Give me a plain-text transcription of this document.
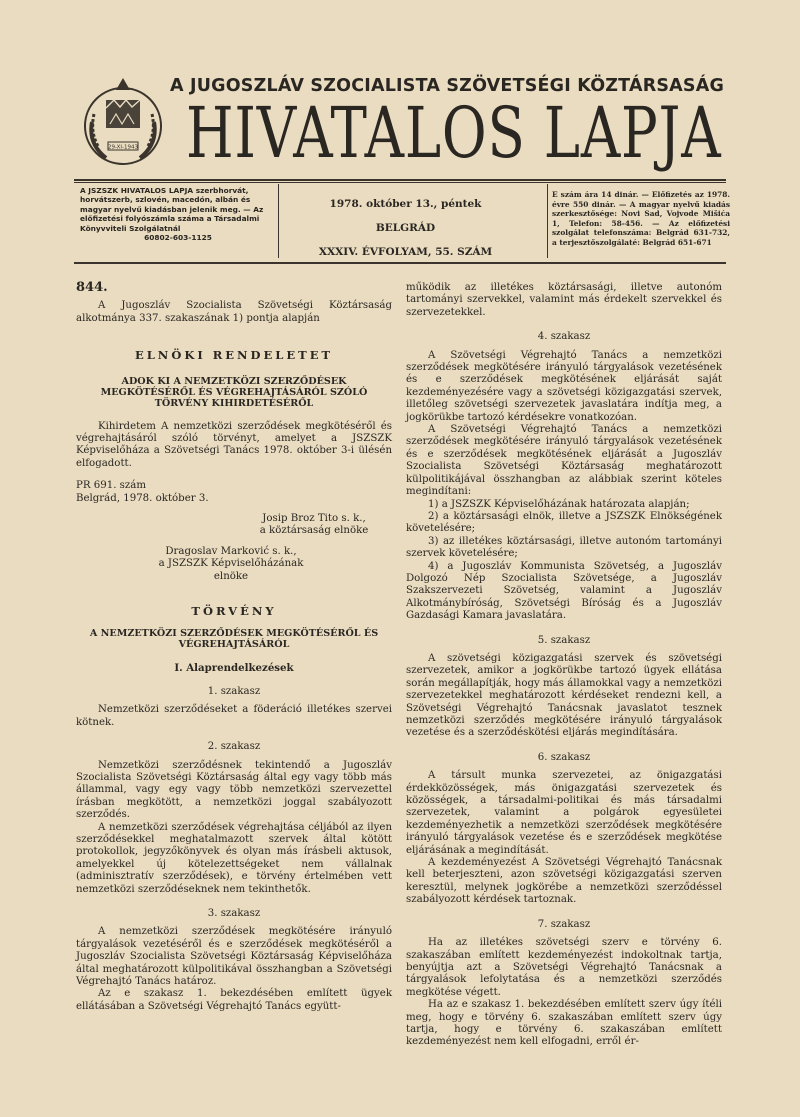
29-XI-1943
A JUGOSZLÁV SZOCIALISTA SZÖVETSÉGI KÖZTÁRSASÁG
HIVATALOS LAPJA

A JSZSZK HIVATALOS LAPJA szerbhorvát, horvátszerb, szlovén, macedón, albán és magyar nyelvű kiadásban jelenik meg. — Az előfizetési folyószámla száma a Társadalmi Könyvviteli Szolgálatnál

60802-603-1125

1978. október 13., péntek
BELGRÁD
XXXIV. ÉVFOLYAM, 55. SZÁM
E szám ára 14 dinár. — Előfizetés az 1978. évre 550 dinár. — A magyar nyelvű kiadás szerkesztősége: Novi Sad, Vojvode Mišića 1, Telefon: 58-456. — Az előfizetési szolgálat telefonszáma: Belgrád 631-732, a terjesztőszolgálaté: Belgrád 651-671

844.

A Jugoszláv Szocialista Szövetségi Köztársaság alkotmánya 337. szakaszának 1) pontja alapján

ELNÖKI RENDELETET

ADOK KI A NEMZETKÖZI SZERZŐDÉSEK MEGKÖTÉSÉRŐL ÉS VÉGREHAJTÁSÁRÓL SZÓLÓ TÖRVÉNY KIHIRDETÉSÉRŐL

Kihirdetem A nemzetközi szerződések megkötéséről és végrehajtásáról szóló törvényt, amelyet a JSZSZK Képviselőháza a Szövetségi Tanács 1978. október 3-i ülésén elfogadott.

PR 691. szám

Belgrád, 1978. október 3.

Josip Broz Tito s. k.,

a köztársaság elnöke

Dragoslav Marković s. k.,

a JSZSZK Képviselőházának elnöke

TÖRVÉNY

A NEMZETKÖZI SZERZŐDÉSEK MEGKÖTÉSÉRŐL ÉS VÉGREHAJTÁSÁRÓL

I. Alaprendelkezések

1. szakasz

Nemzetközi szerződéseket a föderáció illetékes szervei kötnek.

2. szakasz

Nemzetközi szerződésnek tekintendő a Jugoszláv Szocialista Szövetségi Köztársaság által egy vagy több más állammal, vagy egy vagy több nemzetközi szervezettel írásban megkötött, a nemzetközi joggal szabályozott szerződés.

A nemzetközi szerződések végrehajtása céljából az ilyen szerződésekkel meghatalmazott szervek által kötött protokollok, jegyzőkönyvek és olyan más írásbeli aktusok, amelyekkel új kötelezettségeket nem vállalnak (adminisztratív szerződések), e törvény értelmében vett nemzetközi szerződéseknek nem tekinthetők.

3. szakasz

A nemzetközi szerződések megkötésére irányuló tárgyalások vezetéséről és e szerződések megkötéséről a Jugoszláv Szocialista Szövetségi Köztársaság Képviselőháza által meghatározott külpolitikával összhangban a Szövetségi Végrehajtó Tanács határoz.

Az e szakasz 1. bekezdésében említett ügyek ellátásában a Szövetségi Végrehajtó Tanács együtt-

működik az illetékes köztársasági, illetve autonóm tartományi szervekkel, valamint más érdekelt szervekkel és szervezetekkel.

4. szakasz

A Szövetségi Végrehajtó Tanács a nemzetközi szerződések megkötésére irányuló tárgyalások vezetésének és e szerződések megkötésének eljárását saját kezdeményezésére vagy a szövetségi közigazgatási szervek, illetőleg szövetségi szervezetek javaslatára indítja meg, a jogkörükbe tartozó kérdésekre vonatkozóan.

A Szövetségi Végrehajtó Tanács a nemzetközi szerződések megkötésére irányuló tárgyalások vezetésének és e szerződések megkötésének eljárását a Jugoszláv Szocialista Szövetségi Köztársaság meghatározott külpolitikájával összhangban az alábbiak szerint köteles megindítani:

1) a JSZSZK Képviselőházának határozata alapján;

2) a köztársasági elnök, illetve a JSZSZK Elnökségének követelésére;

3) az illetékes köztársasági, illetve autonóm tartományi szervek követelésére;

4) a Jugoszláv Kommunista Szövetség, a Jugoszláv Dolgozó Nép Szocialista Szövetsége, a Jugoszláv Szakszervezeti Szövetség, valamint a Jugoszláv Alkotmánybíróság, Szövetségi Bíróság és a Jugoszláv Gazdasági Kamara javaslatára.

5. szakasz

A szövetségi közigazgatási szervek és szövetségi szervezetek, amikor a jogkörükbe tartozó ügyek ellátása során megállapítják, hogy más államokkal vagy a nemzetközi szervezetekkel meghatározott kérdéseket rendezni kell, a Szövetségi Végrehajtó Tanácsnak javaslatot tesznek nemzetközi szerződés megkötésére irányuló tárgyalások vezetése és a szerződéskötési eljárás megindítására.

6. szakasz

A társult munka szervezetei, az önigazgatási érdekközösségek, más önigazgatási szervezetek és közösségek, a társadalmi-politikai és más társadalmi szervezetek, valamint a polgárok egyesületei kezdeményezhetik a nemzetközi szerződések megkötésére irányuló tárgyalások vezetése és e szerződések megkötése eljárásának a megindítását.

A kezdeményezést A Szövetségi Végrehajtó Tanácsnak kell beterjeszteni, azon szövetségi közigazgatási szerven keresztül, melynek jogkörébe a nemzetközi szerződéssel szabályozott kérdések tartoznak.

7. szakasz

Ha az illetékes szövetségi szerv e törvény 6. szakaszában említett kezdeményezést indokoltnak tartja, benyújtja azt a Szövetségi Végrehajtó Tanácsnak a tárgyalások lefolytatása és a nemzetközi szerződés megkötése végett.

Ha az e szakasz 1. bekezdésében említett szerv úgy ítéli meg, hogy e törvény 6. szakaszában említett szerv úgy tartja, hogy e törvény 6. szakaszában említett kezdeményezést nem kell elfogadni, erről ér-
